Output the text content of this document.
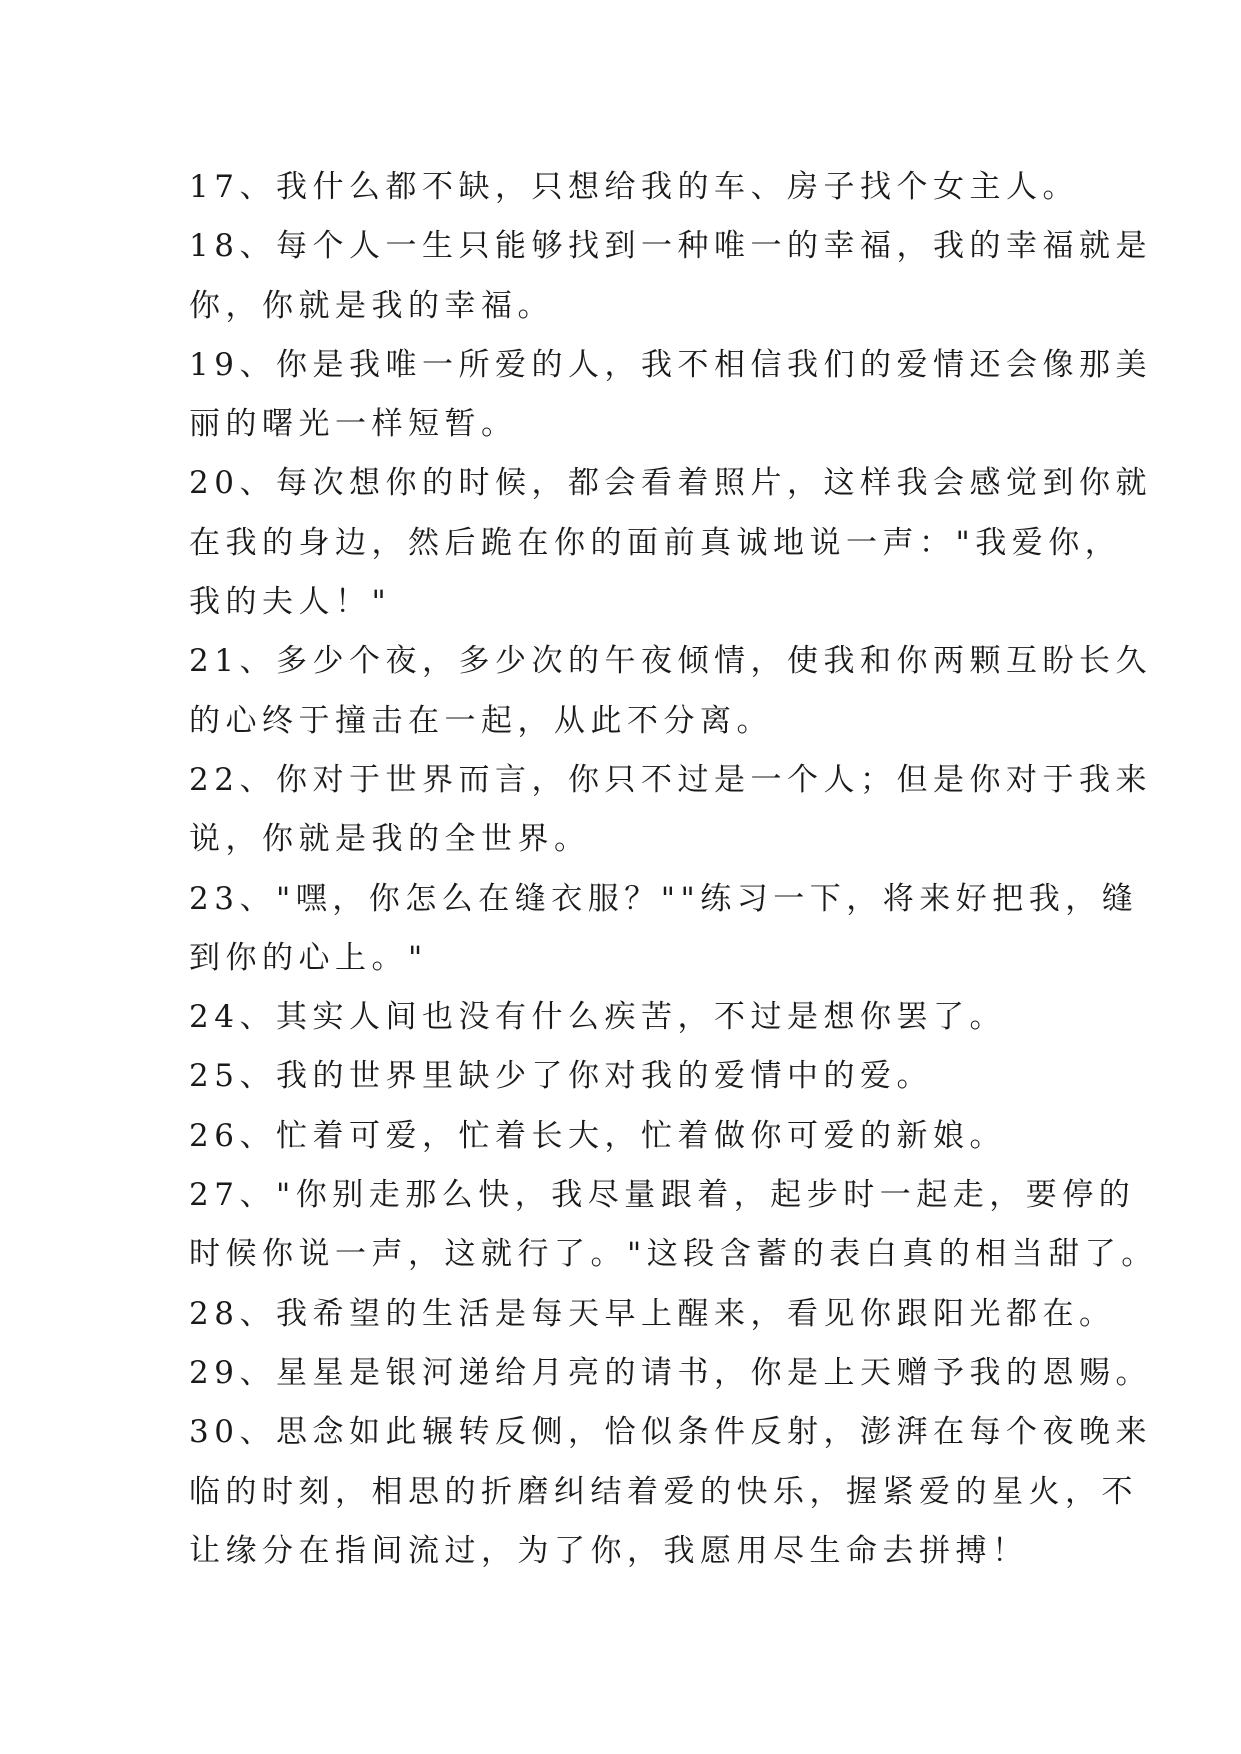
17、我什么都不缺，只想给我的车、房子找个女主人。
18、每个人一生只能够找到一种唯一的幸福，我的幸福就是
你，你就是我的幸福。
19、你是我唯一所爱的人，我不相信我们的爱情还会像那美
丽的曙光一样短暂。
20、每次想你的时候，都会看着照片，这样我会感觉到你就
在我的身边，然后跪在你的面前真诚地说一声："我爱你，
我的夫人！"
21、多少个夜，多少次的午夜倾情，使我和你两颗互盼长久
的心终于撞击在一起，从此不分离。
22、你对于世界而言，你只不过是一个人；但是你对于我来
说，你就是我的全世界。
23、"嘿，你怎么在缝衣服？""练习一下，将来好把我，缝
到你的心上。"
24、其实人间也没有什么疾苦，不过是想你罢了。
25、我的世界里缺少了你对我的爱情中的爱。
26、忙着可爱，忙着长大，忙着做你可爱的新娘。
27、"你别走那么快，我尽量跟着，起步时一起走，要停的
时候你说一声，这就行了。"这段含蓄的表白真的相当甜了。
28、我希望的生活是每天早上醒来，看见你跟阳光都在。
29、星星是银河递给月亮的请书，你是上天赠予我的恩赐。
30、思念如此辗转反侧，恰似条件反射，澎湃在每个夜晚来
临的时刻，相思的折磨纠结着爱的快乐，握紧爱的星火，不
让缘分在指间流过，为了你，我愿用尽生命去拼搏！
